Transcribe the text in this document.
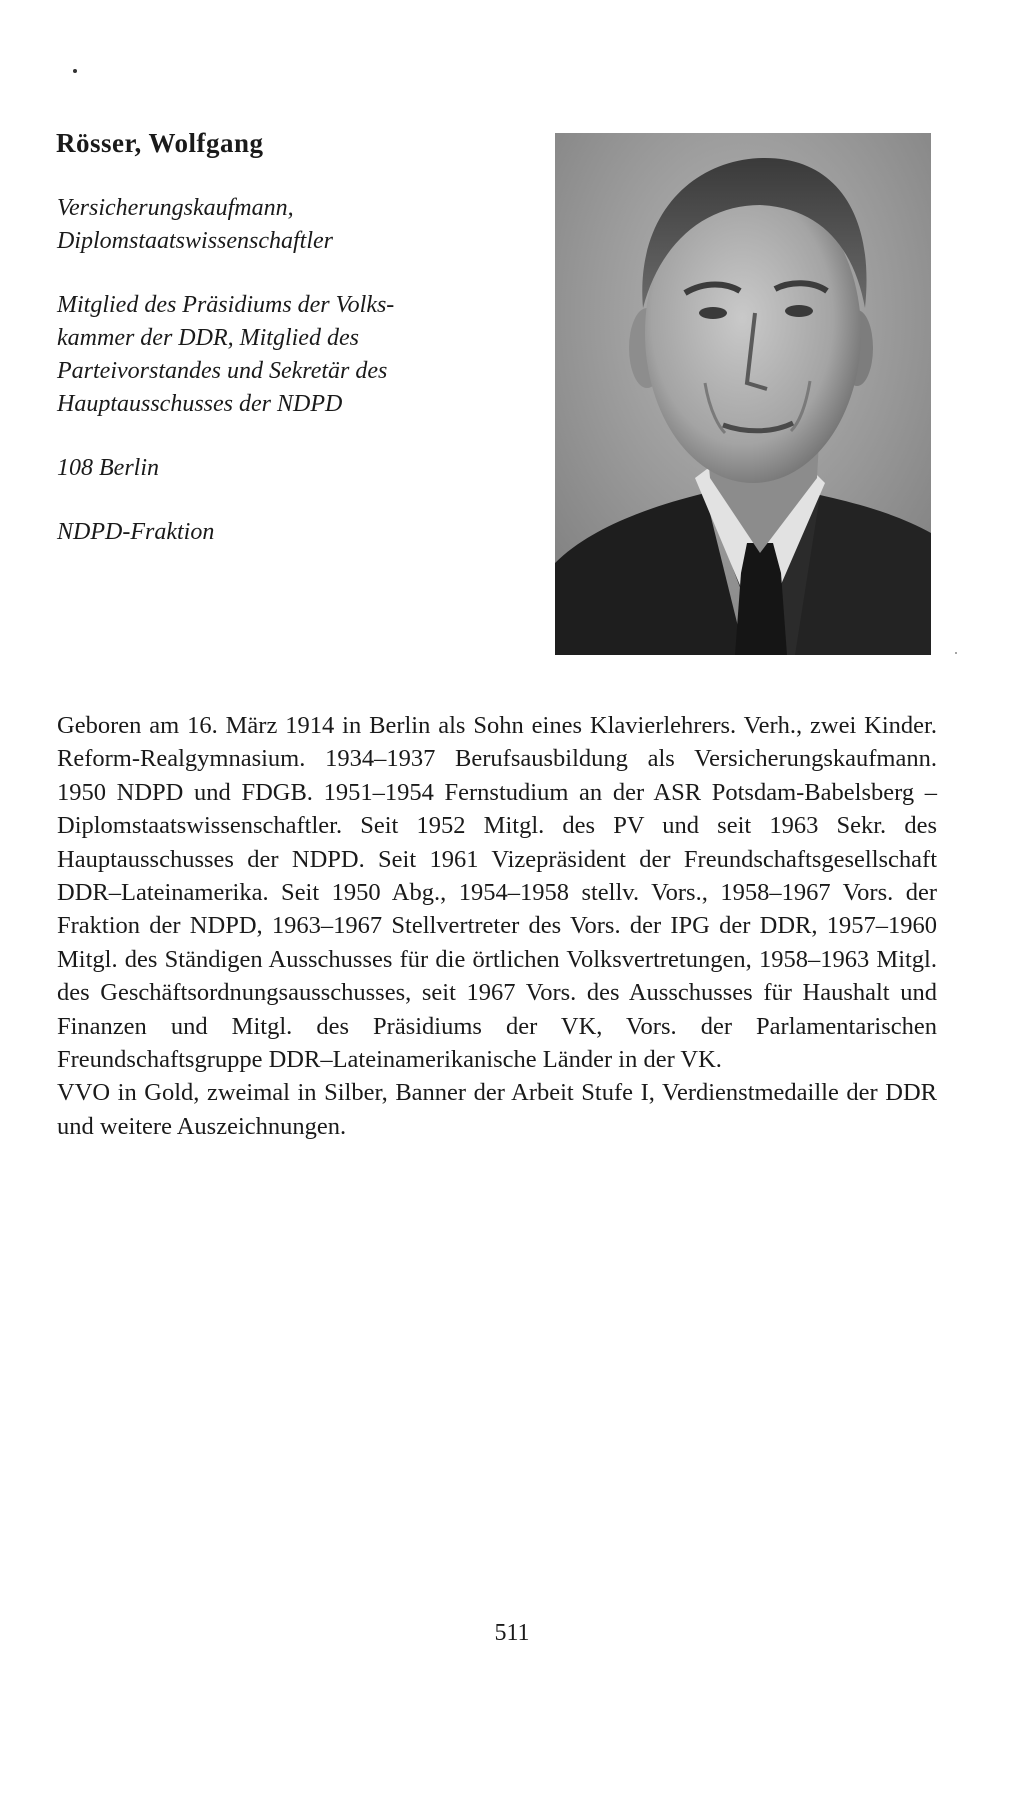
Rösser, Wolfgang

Versicherungskaufmann,
Diplomstaatswissenschaftler

Mitglied des Präsidiums der Volks-
kammer der DDR, Mitglied des
Parteivorstandes und Sekretär des
Hauptausschusses der NDPD

108 Berlin

NDPD-Fraktion

Geboren am 16. März 1914 in Berlin als Sohn eines Klavierlehrers. Verh., zwei Kinder. Reform-Realgymnasium. 1934–1937 Berufsausbildung als Versicherungskaufmann. 1950 NDPD und FDGB. 1951–1954 Fernstudium an der ASR Potsdam-Babelsberg – Diplomstaatswissenschaftler. Seit 1952 Mitgl. des PV und seit 1963 Sekr. des Hauptausschusses der NDPD. Seit 1961 Vizepräsident der Freundschaftsgesellschaft DDR–Lateinamerika. Seit 1950 Abg., 1954–1958 stellv. Vors., 1958–1967 Vors. der Fraktion der NDPD, 1963–1967 Stellvertreter des Vors. der IPG der DDR, 1957–1960 Mitgl. des Ständigen Ausschusses für die örtlichen Volksvertretungen, 1958–1963 Mitgl. des Geschäftsordnungsausschusses, seit 1967 Vors. des Ausschusses für Haushalt und Finanzen und Mitgl. des Präsidiums der VK, Vors. der Parlamentarischen Freundschaftsgruppe DDR–Lateinamerikanische Länder in der VK.

VVO in Gold, zweimal in Silber, Banner der Arbeit Stufe I, Verdienstmedaille der DDR und weitere Auszeichnungen.

511
